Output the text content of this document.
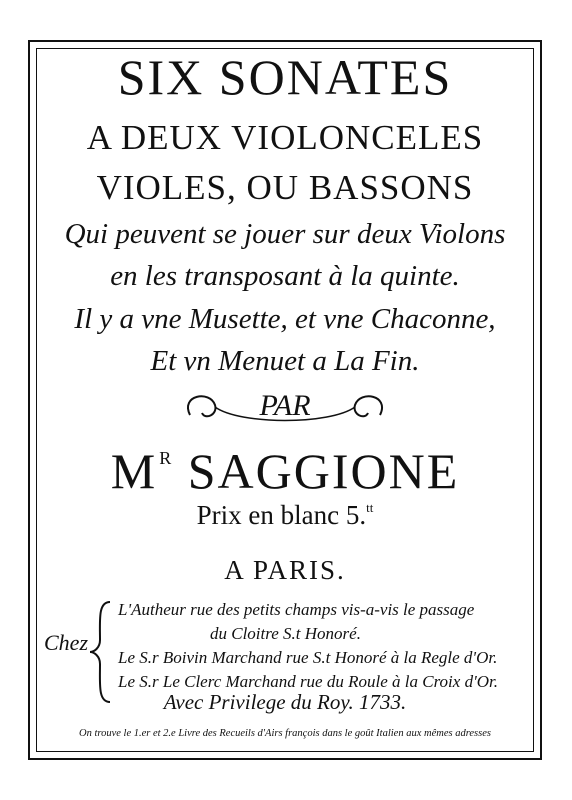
SIX SONATES
A DEUX VIOLONCELES
VIOLES, OU BASSONS
Qui peuvent se jouer sur deux Violons
en les transposant à la quinte.
Il y a vne Musette, et vne Chaconne,
Et vn Menuet a La Fin.
PAR
M $^R$ SAGGIONE
Prix en blanc 5.$^{tt}$
A PARIS.
Chez
L'Autheur rue des petits champs vis-a-vis le passage
du Cloitre S.t Honoré.
Le S.r Boivin Marchand rue S.t Honoré à la Regle d'Or.
Le S.r Le Clerc Marchand rue du Roule à la Croix d'Or.
Avec Privilege du Roy. 1733.
On trouve le 1.er et 2.e Livre des Recueils d'Airs françois dans le goût Italien aux mêmes adresses
